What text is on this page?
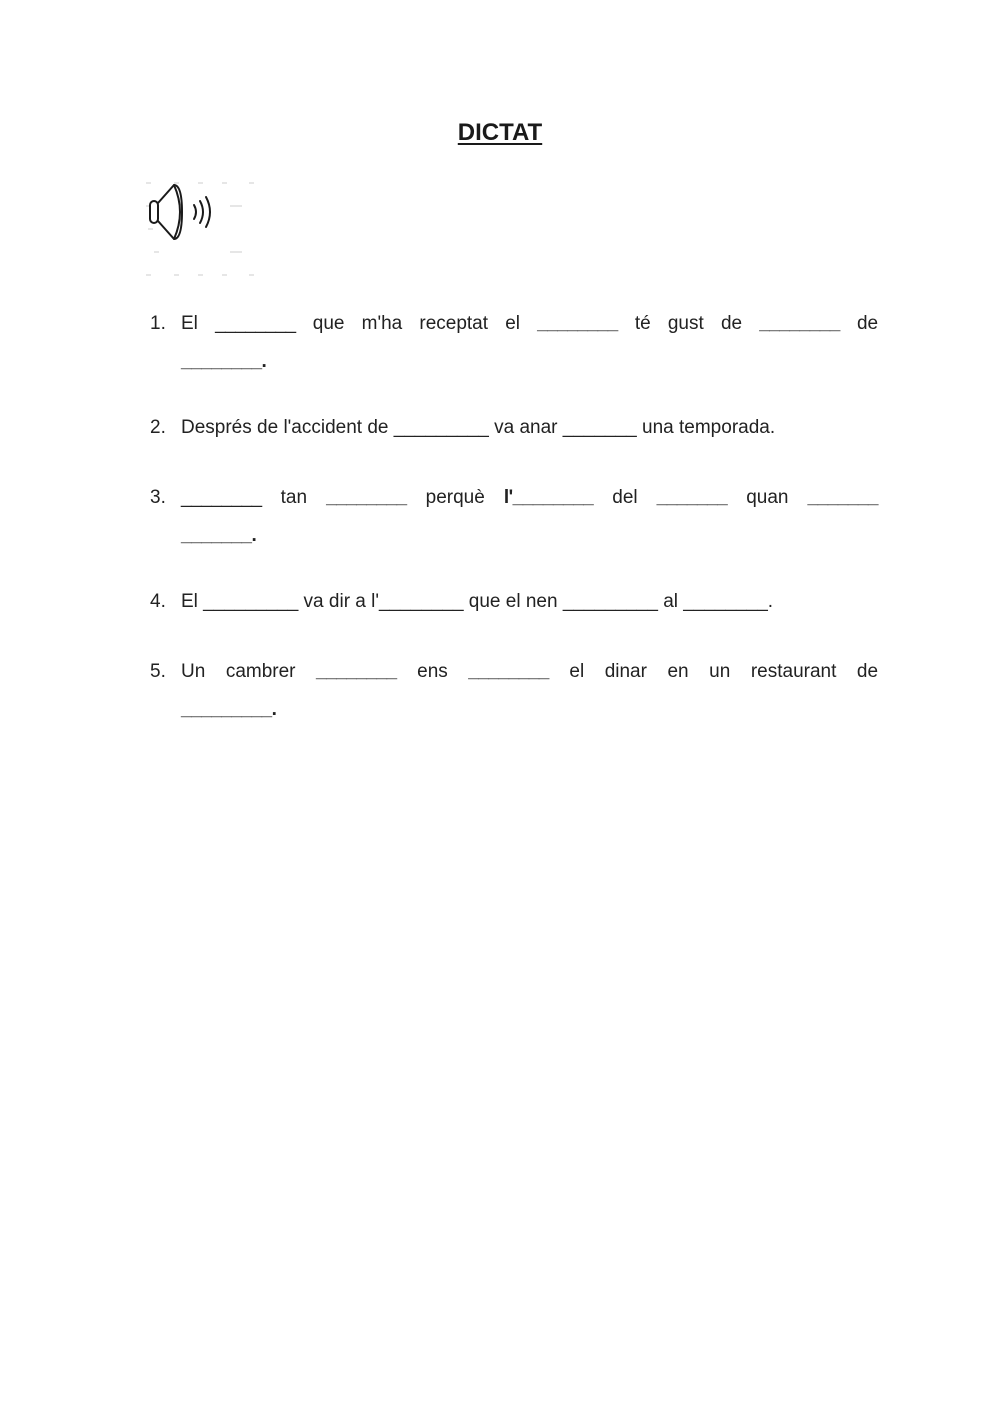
DICTAT
1. El ________ que m'ha receptat el ________ té gust de ________ de
________.
2. Després de l'accident de _________ va anar _______ una temporada.
3. ________ tan ________ perquè l'________ del _______ quan _______
_______.
4. El _________ va dir a l'________ que el nen _________ al ________.
5. Un cambrer ________ ens ________ el dinar en un restaurant de
_________.
